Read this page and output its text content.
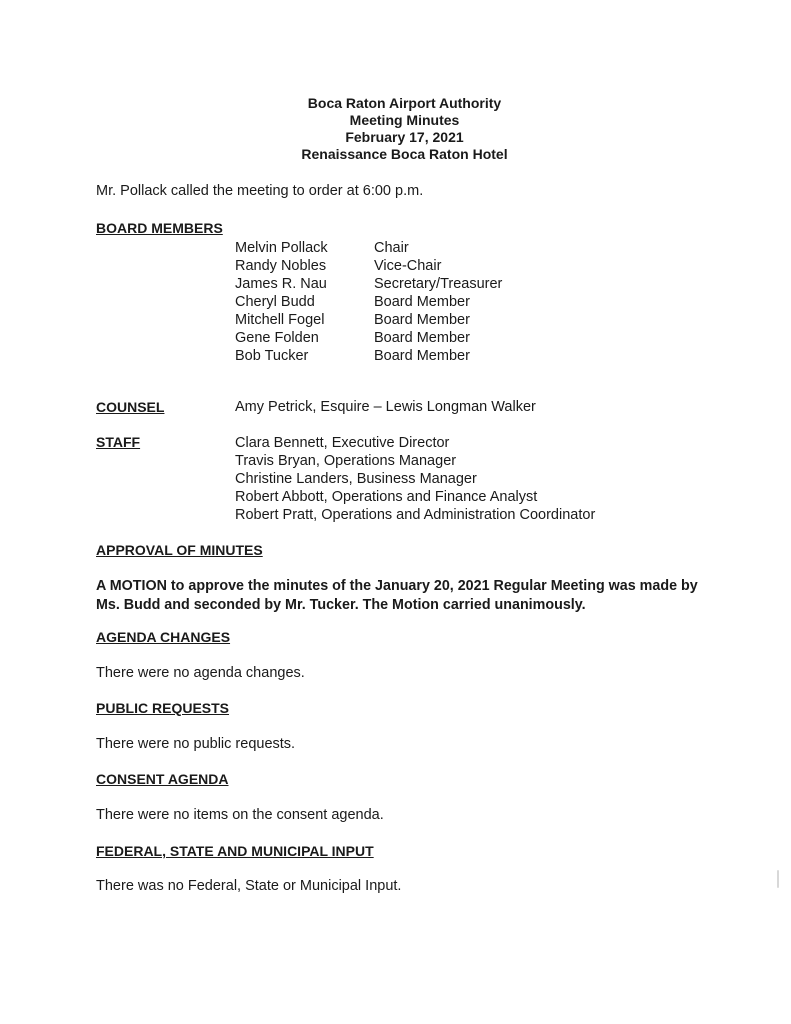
Boca Raton Airport Authority
Meeting Minutes
February 17, 2021
Renaissance Boca Raton Hotel
Mr. Pollack called the meeting to order at 6:00 p.m.
BOARD MEMBERS
Melvin Pollack
Randy Nobles
James R. Nau
Cheryl Budd
Mitchell Fogel
Gene Folden
Bob Tucker
Chair
Vice-Chair
Secretary/Treasurer
Board Member
Board Member
Board Member
Board Member
COUNSEL	Amy Petrick, Esquire – Lewis Longman Walker
STAFF	Clara Bennett, Executive Director
Travis Bryan, Operations Manager
Christine Landers, Business Manager
Robert Abbott, Operations and Finance Analyst
Robert Pratt, Operations and Administration Coordinator
APPROVAL OF MINUTES
A MOTION to approve the minutes of the January 20, 2021 Regular Meeting was made by Ms. Budd and seconded by Mr. Tucker. The Motion carried unanimously.
AGENDA CHANGES
There were no agenda changes.
PUBLIC REQUESTS
There were no public requests.
CONSENT AGENDA
There were no items on the consent agenda.
FEDERAL, STATE AND MUNICIPAL INPUT
There was no Federal, State or Municipal Input.
